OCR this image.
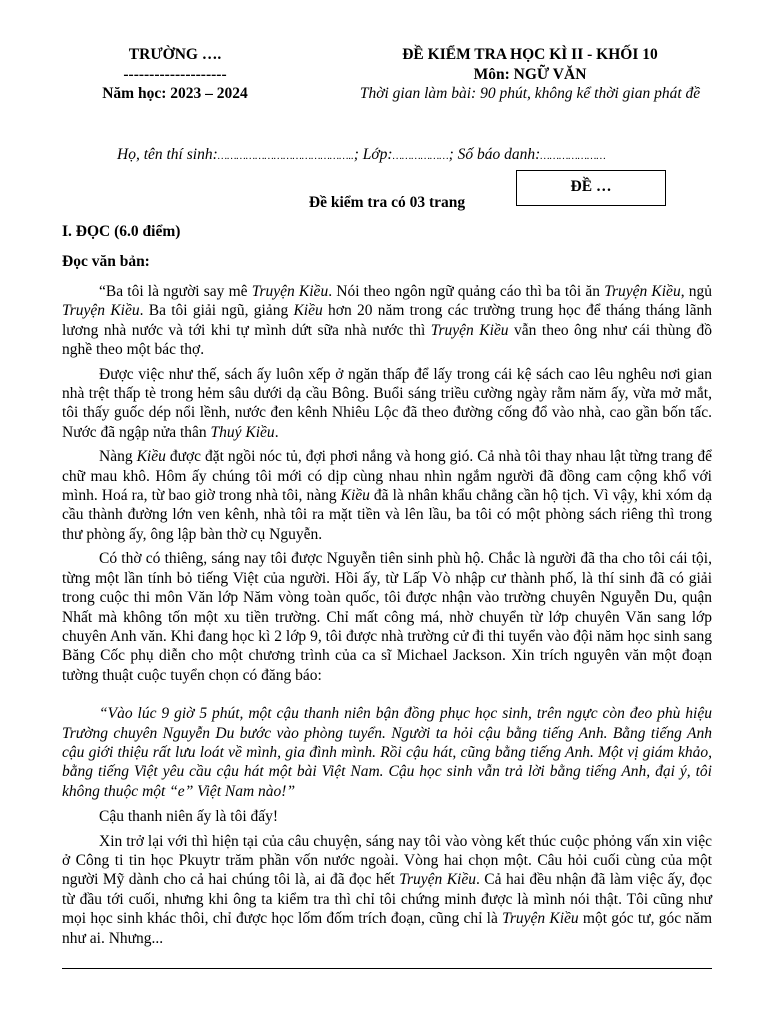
TRƯỜNG ….
--------------------
Năm học: 2023 – 2024
ĐỀ KIỂM TRA HỌC KÌ II - KHỐI 10
Môn: NGỮ VĂN
Thời gian làm bài: 90 phút, không kể thời gian phát đề
Họ, tên thí sinh:……………………………………..; Lớp:………………; Số báo danh:…………………
ĐỀ …
Đề kiểm tra có 03 trang
I. ĐỌC (6.0 điểm)
Đọc văn bản:

“Ba tôi là người say mê Truyện Kiều. Nói theo ngôn ngữ quảng cáo thì ba tôi ăn Truyện Kiều, ngủ Truyện Kiều. Ba tôi giải ngũ, giảng Kiều hơn 20 năm trong các trường trung học để tháng tháng lãnh lương nhà nước và tới khi tự mình dứt sữa nhà nước thì Truyện Kiều vẫn theo ông như cái thùng đồ nghề theo một bác thợ.

Được việc như thế, sách ấy luôn xếp ở ngăn thấp để lấy trong cái kệ sách cao lêu nghêu nơi gian nhà trệt thấp tè trong hẻm sâu dưới dạ cầu Bông. Buổi sáng triều cường ngày rằm năm ấy, vừa mở mắt, tôi thấy guốc dép nổi lềnh, nước đen kênh Nhiêu Lộc đã theo đường cống đổ vào nhà, cao gần bốn tấc. Nước đã ngập nửa thân Thuý Kiều.

Nàng Kiều được đặt ngồi nóc tủ, đợi phơi nắng và hong gió. Cả nhà tôi thay nhau lật từng trang để chữ mau khô. Hôm ấy chúng tôi mới có dịp cùng nhau nhìn ngắm người đã đồng cam cộng khổ với mình. Hoá ra, từ bao giờ trong nhà tôi, nàng Kiều đã là nhân khẩu chẳng cần hộ tịch. Vì vậy, khi xóm dạ cầu thành đường lớn ven kênh, nhà tôi ra mặt tiền và lên lầu, ba tôi có một phòng sách riêng thì trong thư phòng ấy, ông lập bàn thờ cụ Nguyễn.

Có thờ có thiêng, sáng nay tôi được Nguyễn tiên sinh phù hộ. Chắc là người đã tha cho tôi cái tội, từng một lần tính bỏ tiếng Việt của người. Hồi ấy, từ Lấp Vò nhập cư thành phố, là thí sinh đã có giải trong cuộc thi môn Văn lớp Năm vòng toàn quốc, tôi được nhận vào trường chuyên Nguyễn Du, quận Nhất mà không tốn một xu tiền trường. Chỉ mất công má, nhờ chuyển từ lớp chuyên Văn sang lớp chuyên Anh văn. Khi đang học kì 2 lớp 9, tôi được nhà trường cử đi thi tuyển vào đội năm học sinh sang Băng Cốc phụ diễn cho một chương trình của ca sĩ Michael Jackson. Xin trích nguyên văn một đoạn tường thuật cuộc tuyển chọn có đăng báo:

“Vào lúc 9 giờ 5 phút, một cậu thanh niên bận đồng phục học sinh, trên ngực còn đeo phù hiệu Trường chuyên Nguyễn Du bước vào phòng tuyển. Người ta hỏi cậu bằng tiếng Anh. Bằng tiếng Anh cậu giới thiệu rất lưu loát về mình, gia đình mình. Rồi cậu hát, cũng bằng tiếng Anh. Một vị giám khảo, bằng tiếng Việt yêu cầu cậu hát một bài Việt Nam. Cậu học sinh vẫn trả lời bằng tiếng Anh, đại ý, tôi không thuộc một “e” Việt Nam nào!”

Cậu thanh niên ấy là tôi đấy!

Xin trở lại với thì hiện tại của câu chuyện, sáng nay tôi vào vòng kết thúc cuộc phỏng vấn xin việc ở Công ti tin học Pkuytr trăm phần vốn nước ngoài. Vòng hai chọn một. Câu hỏi cuối cùng của một người Mỹ dành cho cả hai chúng tôi là, ai đã đọc hết Truyện Kiều. Cả hai đều nhận đã làm việc ấy, đọc từ đầu tới cuối, nhưng khi ông ta kiểm tra thì chỉ tôi chứng minh được là mình nói thật. Tôi cũng như mọi học sinh khác thôi, chỉ được học lốm đốm trích đoạn, cũng chỉ là Truyện Kiều một góc tư, góc năm như ai. Nhưng...
